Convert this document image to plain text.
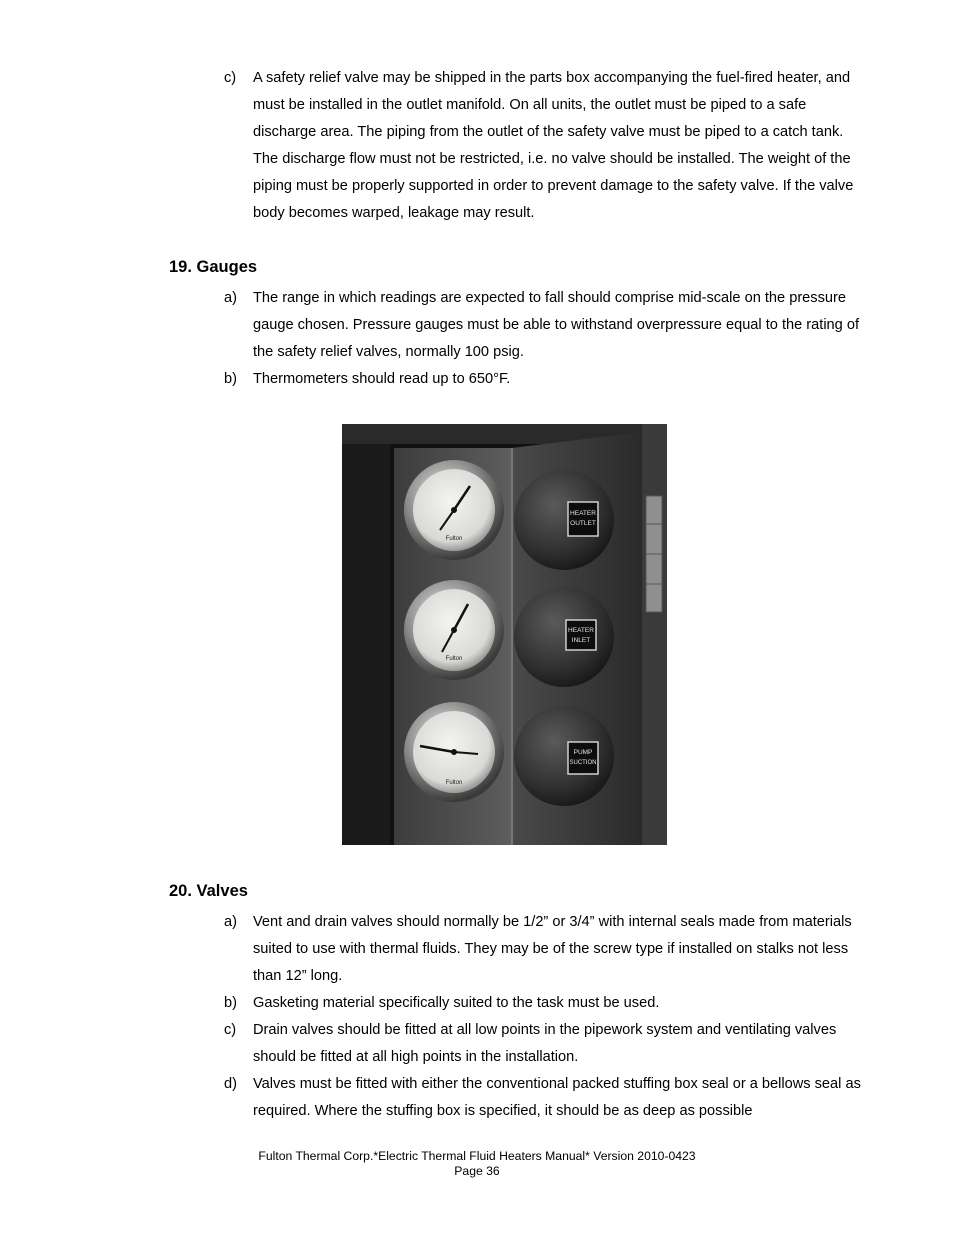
c) A safety relief valve may be shipped in the parts box accompanying the fuel-fired heater, and must be installed in the outlet manifold. On all units, the outlet must be piped to a safe discharge area. The piping from the outlet of the safety valve must be piped to a catch tank. The discharge flow must not be restricted, i.e. no valve should be installed. The weight of the piping must be properly supported in order to prevent damage to the safety valve. If the valve body becomes warped, leakage may result.
19. Gauges
a) The range in which readings are expected to fall should comprise mid-scale on the pressure gauge chosen. Pressure gauges must be able to withstand overpressure equal to the rating of the safety relief valves, normally 100 psig.
b) Thermometers should read up to 650°F.
Fulton
Fulton
Fulton
HEATER
OUTLET
HEATER
INLET
PUMP
SUCTION
20. Valves
a) Vent and drain valves should normally be 1/2” or 3/4” with internal seals made from materials suited to use with thermal fluids. They may be of the screw type if installed on stalks not less than 12” long.
b) Gasketing material specifically suited to the task must be used.
c) Drain valves should be fitted at all low points in the pipework system and ventilating valves should be fitted at all high points in the installation.
d) Valves must be fitted with either the conventional packed stuffing box seal or a bellows seal as required. Where the stuffing box is specified, it should be as deep as possible
Fulton Thermal Corp.*Electric Thermal Fluid Heaters Manual* Version 2010-0423
Page 36
